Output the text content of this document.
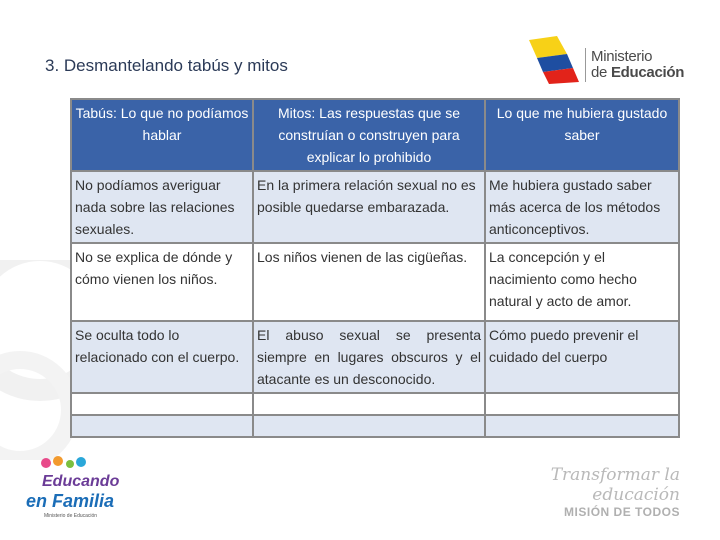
3. Desmantelando tabús y mitos	Ministerio
de Educación
Tabús: Lo que no podíamos hablar	Mitos: Las respuestas que se construían o construyen para explicar lo prohibido	Lo que me hubiera gustado saber
No podíamos averiguar nada sobre las relaciones sexuales.	En la primera relación sexual no es posible quedarse embarazada.	Me hubiera gustado saber más acerca de los métodos anticonceptivos.
No se explica de dónde y cómo vienen los niños.	Los niños vienen de las cigüeñas.	La concepción y el nacimiento como hecho natural y acto de amor.
Se oculta todo lo relacionado con el cuerpo.	El abuso sexual se presenta siempre en lugares obscuros y el atacante es un desconocido.	Cómo puedo prevenir el cuidado del cuerpo

Educando
en Familia
Ministerio de Educación
Transformar la educación
MISIÓN DE TODOS
